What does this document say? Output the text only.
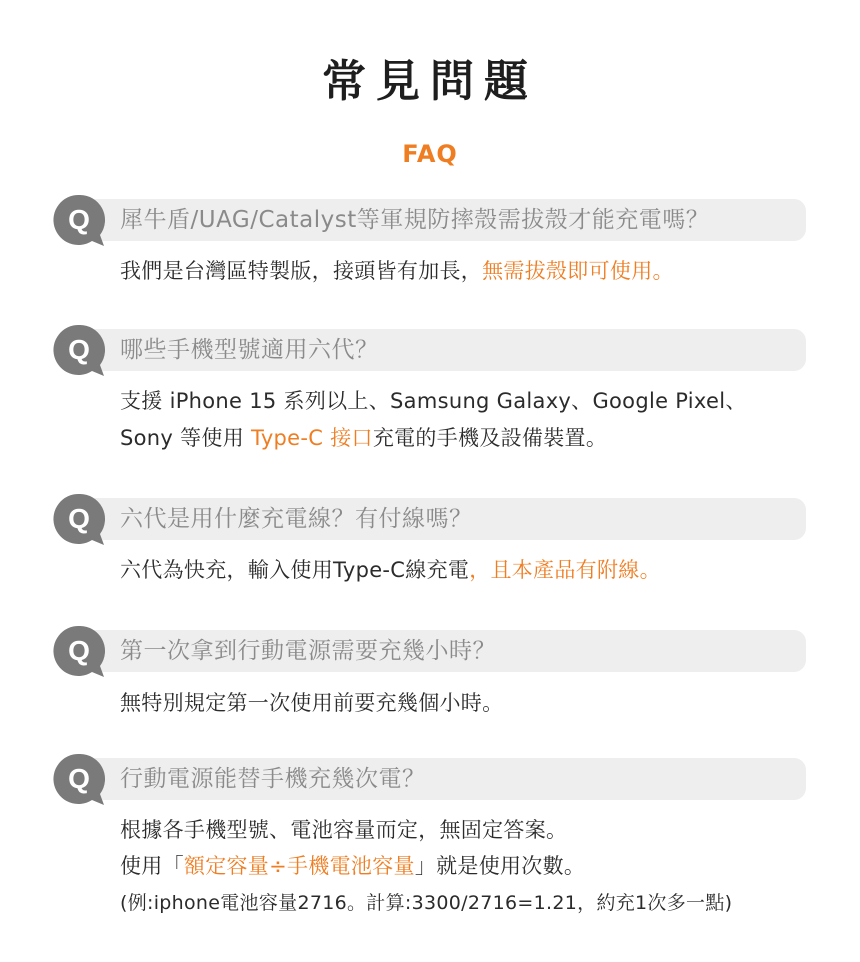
常見問題
FAQ
Q 犀牛盾/UAG/Catalyst等軍規防摔殼需拔殼才能充電嗎？
我們是台灣區特製版，接頭皆有加長，無需拔殼即可使用。
Q 哪些手機型號適用六代？
支援 iPhone 15 系列以上、Samsung Galaxy、Google Pixel、
Sony 等使用 Type-C 接口充電的手機及設備裝置。
Q 六代是用什麼充電線？有付線嗎？
六代為快充，輸入使用Type-C線充電，且本產品有附線。
Q 第一次拿到行動電源需要充幾小時？
無特別規定第一次使用前要充幾個小時。
Q 行動電源能替手機充幾次電？
根據各手機型號、電池容量而定，無固定答案。
使用「額定容量÷手機電池容量」就是使用次數。
(例:iphone電池容量2716。計算:3300/2716=1.21，約充1次多一點)
